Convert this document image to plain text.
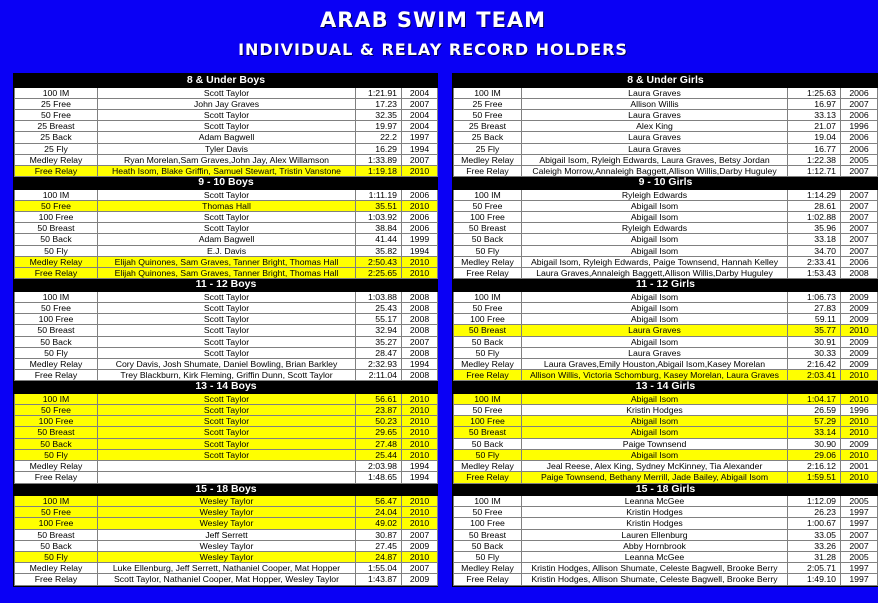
ARAB SWIM TEAM
INDIVIDUAL & RELAY RECORD HOLDERS
8 & Under Boys			
100 IM	Scott Taylor	1:21.91	2004
25 Free	John Jay Graves	17.23	2007
50 Free	Scott Taylor	32.35	2004
25 Breast	Scott Taylor	19.97	2004
25 Back	Adam Bagwell	22.2	1997
25 Fly	Tyler Davis	16.29	1994
Medley Relay	Ryan Morelan,Sam Graves,John Jay, Alex Willamson	1:33.89	2007
Free Relay	Heath Isom, Blake Griffin, Samuel Stewart, Tristin Vanstone	1:19.18	2010
9 - 10 Boys			
100 IM	Scott Taylor	1:11.19	2006
50 Free	Thomas Hall	35.51	2010
100 Free	Scott Taylor	1:03.92	2006
50 Breast	Scott Taylor	38.84	2006
50 Back	Adam Bagwell	41.44	1999
50 Fly	E.J. Davis	35.82	1994
Medley Relay	Elijah Quinones, Sam Graves, Tanner Bright, Thomas Hall	2:50.43	2010
Free Relay	Elijah Quinones, Sam Graves, Tanner Bright, Thomas Hall	2:25.65	2010
11 - 12 Boys			
100 IM	Scott Taylor	1:03.88	2008
50 Free	Scott Taylor	25.43	2008
100 Free	Scott Taylor	55.17	2008
50 Breast	Scott Taylor	32.94	2008
50 Back	Scott Taylor	35.27	2007
50 Fly	Scott Taylor	28.47	2008
Medley Relay	Cory Davis, Josh Shumate, Daniel Bowling, Brian Barkley	2:32.93	1994
Free Relay	Trey Blackburn, Kirk Fleming, Griffin Dunn, Scott Taylor	2:11.04	2008
13 - 14 Boys			
100 IM	Scott Taylor	56.61	2010
50 Free	Scott Taylor	23.87	2010
100 Free	Scott Taylor	50.23	2010
50 Breast	Scott Taylor	29.65	2010
50 Back	Scott Taylor	27.48	2010
50 Fly	Scott Taylor	25.44	2010
Medley Relay		2:03.98	1994
Free Relay		1:48.65	1994
15 - 18 Boys			
100 IM	Wesley Taylor	56.47	2010
50 Free	Wesley Taylor	24.04	2010
100 Free	Wesley Taylor	49.02	2010
50 Breast	Jeff Serrett	30.87	2007
50 Back	Wesley Taylor	27.45	2009
50 Fly	Wesley Taylor	24.87	2010
Medley Relay	Luke Ellenburg, Jeff Serrett, Nathaniel Cooper, Mat Hopper	1:55.04	2007
Free Relay	Scott Taylor, Nathaniel Cooper, Mat Hopper, Wesley Taylor	1:43.87	2009
8 & Under Girls			
100 IM	Laura Graves	1:25.63	2006
25 Free	Allison Willis	16.97	2007
50 Free	Laura Graves	33.13	2006
25 Breast	Alex King	21.07	1996
25 Back	Laura Graves	19.04	2006
25 Fly	Laura Graves	16.77	2006
Medley Relay	Abigail Isom, Ryleigh Edwards, Laura Graves, Betsy Jordan	1:22.38	2005
Free Relay	Caleigh Morrow,Annaleigh Baggett,Allison Willis,Darby Huguley	1:12.71	2007
9 - 10 Girls			
100 IM	Ryleigh Edwards	1:14.29	2007
50 Free	Abigail Isom	28.61	2007
100 Free	Abigail Isom	1:02.88	2007
50 Breast	Ryleigh Edwards	35.96	2007
50 Back	Abigail Isom	33.18	2007
50 Fly	Abigail Isom	34.70	2007
Medley Relay	Abigail Isom, Ryleigh Edwards, Paige Townsend, Hannah Kelley	2:33.41	2006
Free Relay	Laura Graves,Annaleigh Baggett,Allison Willis,Darby Huguley	1:53.43	2008
11 - 12 Girls			
100 IM	Abigail Isom	1:06.73	2009
50 Free	Abigail Isom	27.83	2009
100 Free	Abigail Isom	59.11	2009
50 Breast	Laura Graves	35.77	2010
50 Back	Abigail Isom	30.91	2009
50 Fly	Laura Graves	30.33	2009
Medley Relay	Laura Graves,Emily Houston,Abigail Isom,Kasey Morelan	2:16.42	2009
Free Relay	Allison Willis, Victoria Schomburg, Kasey Morelan, Laura Graves	2:03.41	2010
13 - 14 Girls			
100 IM	Abigail Isom	1:04.17	2010
50 Free	Kristin Hodges	26.59	1996
100 Free	Abigail Isom	57.29	2010
50 Breast	Abigail Isom	33.14	2010
50 Back	Paige Townsend	30.90	2009
50 Fly	Abigail Isom	29.06	2010
Medley Relay	Jeal Reese, Alex King, Sydney McKinney, Tia Alexander	2:16.12	2001
Free Relay	Paige Townsend, Bethany Merrill, Jade Bailey, Abigail Isom	1:59.51	2010
15 - 18 Girls			
100 IM	Leanna McGee	1:12.09	2005
50 Free	Kristin Hodges	26.23	1997
100 Free	Kristin Hodges	1:00.67	1997
50 Breast	Lauren Ellenburg	33.05	2007
50 Back	Abby Hornbrook	33.26	2007
50 Fly	Leanna McGee	31.28	2005
Medley Relay	Kristin Hodges, Allison Shumate, Celeste Bagwell, Brooke Berry	2:05.71	1997
Free Relay	Kristin Hodges, Allison Shumate, Celeste Bagwell, Brooke Berry	1:49.10	1997
